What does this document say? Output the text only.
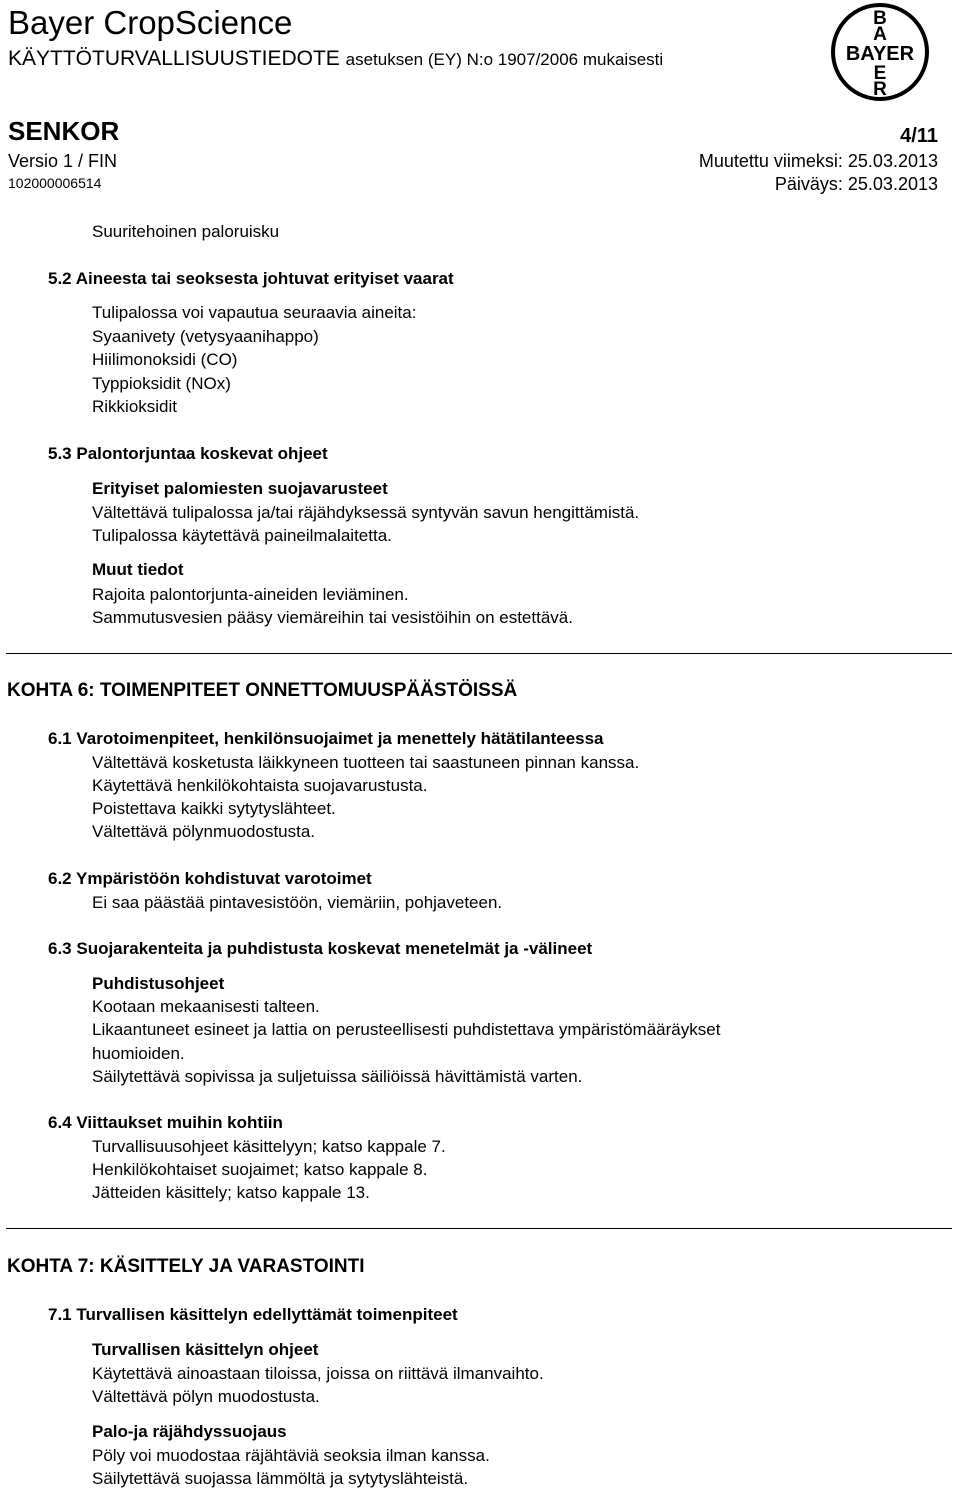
Bayer CropScience
KÄYTTÖTURVALLISUUSTIEDOTE asetuksen (EY) N:o 1907/2006 mukaisesti
B
A
BAYER
E
R
SENKOR	4/11
Versio 1 / FIN	Muutettu viimeksi: 25.03.2013
102000006514	Päiväys: 25.03.2013
Suuritehoinen paloruisku
5.2 Aineesta tai seoksesta johtuvat erityiset vaarat
Tulipalossa voi vapautua seuraavia aineita:
Syaanivety (vetysyaanihappo)
Hiilimonoksidi (CO)
Typpioksidit (NOx)
Rikkioksidit
5.3 Palontorjuntaa koskevat ohjeet
Erityiset palomiesten suojavarusteet
Vältettävä tulipalossa ja/tai räjähdyksessä syntyvän savun hengittämistä.
Tulipalossa käytettävä paineilmalaitetta.
Muut tiedot
Rajoita palontorjunta-aineiden leviäminen.
Sammutusvesien pääsy viemäreihin tai vesistöihin on estettävä.
KOHTA 6: TOIMENPITEET ONNETTOMUUSPÄÄSTÖISSÄ
6.1 Varotoimenpiteet, henkilönsuojaimet ja menettely hätätilanteessa
Vältettävä kosketusta läikkyneen tuotteen tai saastuneen pinnan kanssa.
Käytettävä henkilökohtaista suojavarustusta.
Poistettava kaikki sytytyslähteet.
Vältettävä pölynmuodostusta.
6.2 Ympäristöön kohdistuvat varotoimet
Ei saa päästää pintavesistöön, viemäriin, pohjaveteen.
6.3 Suojarakenteita ja puhdistusta koskevat menetelmät ja -välineet
Puhdistusohjeet
Kootaan mekaanisesti talteen.
Likaantuneet esineet ja lattia on perusteellisesti puhdistettava ympäristömääräykset
huomioiden.
Säilytettävä sopivissa ja suljetuissa säiliöissä hävittämistä varten.
6.4 Viittaukset muihin kohtiin
Turvallisuusohjeet käsittelyyn; katso kappale 7.
Henkilökohtaiset suojaimet; katso kappale 8.
Jätteiden käsittely; katso kappale 13.
KOHTA 7: KÄSITTELY JA VARASTOINTI
7.1 Turvallisen käsittelyn edellyttämät toimenpiteet
Turvallisen käsittelyn ohjeet
Käytettävä ainoastaan tiloissa, joissa on riittävä ilmanvaihto.
Vältettävä pölyn muodostusta.
Palo-ja räjähdyssuojaus
Pöly voi muodostaa räjähtäviä seoksia ilman kanssa.
Säilytettävä suojassa lämmöltä ja sytytyslähteistä.
